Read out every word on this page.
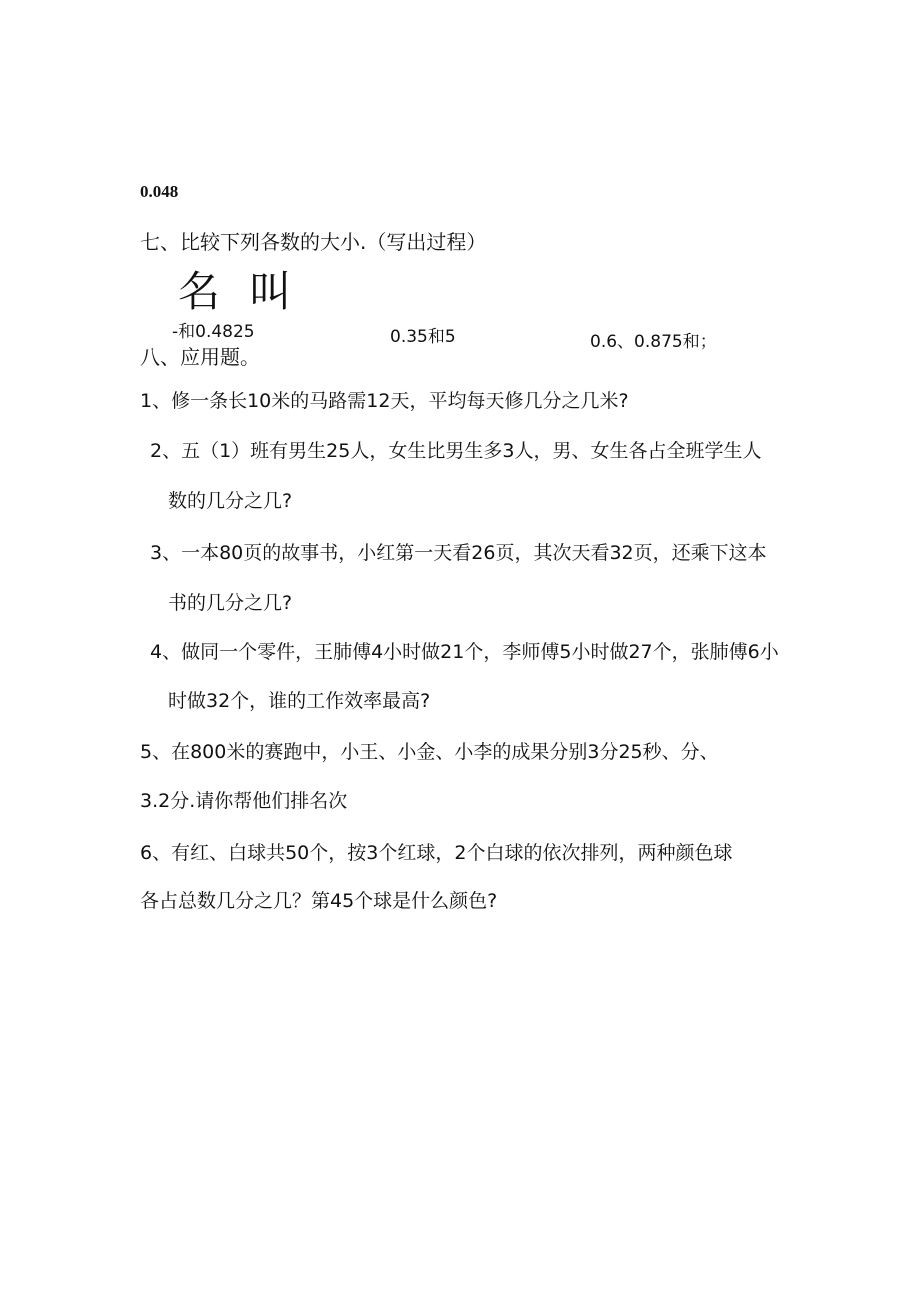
0.048
七、比较下列各数的大小.（写出过程）
名 叫
-和0.4825	0.35和5	0.6、0.875和；
八、应用题。
1、修一条长10米的马路需12天，平均每天修几分之几米?
2、五（1）班有男生25人，女生比男生多3人，男、女生各占全班学生人
数的几分之几?
3、一本80页的故事书，小红第一天看26页，其次天看32页，还乘下这本
书的几分之几?
4、做同一个零件，王肺傅4小时做21个，李师傅5小时做27个，张肺傅6小
时做32个，谁的工作效率最高?
5、在800米的赛跑中，小王、小金、小李的成果分别3分25秒、分、
3.2分.请你帮他们排名次
6、有红、白球共50个，按3个红球，2个白球的依次排列，两种颜色球
各占总数几分之几？第45个球是什么颜色?
